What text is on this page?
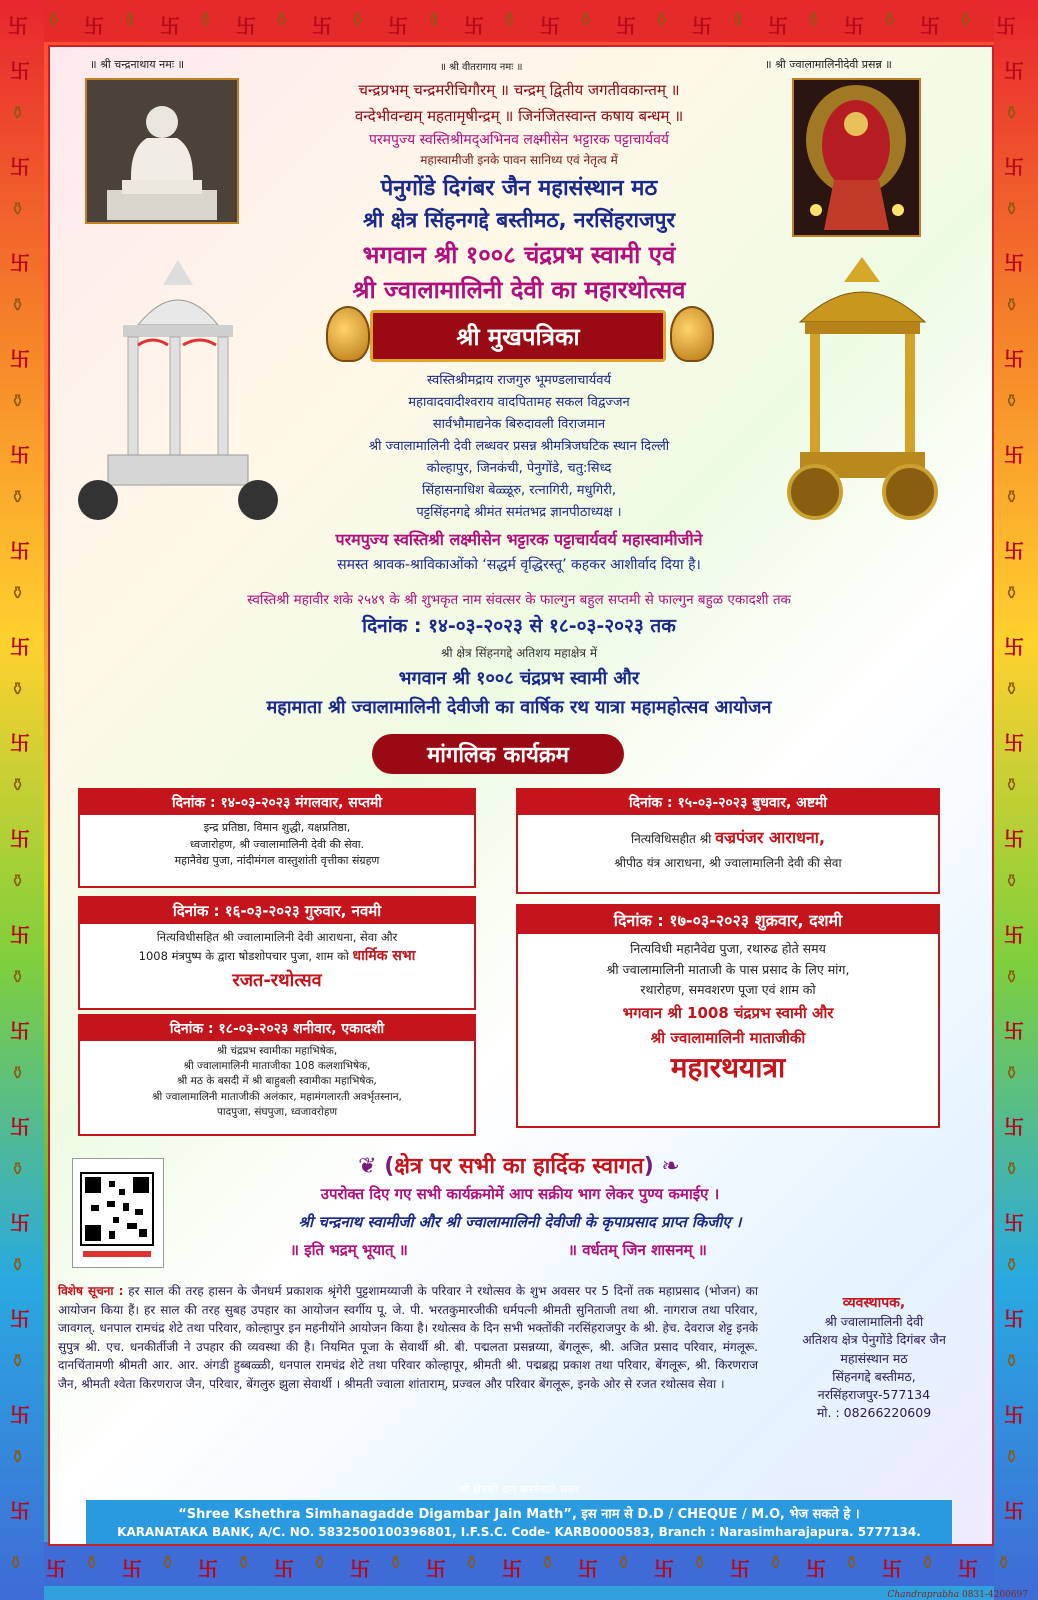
卐 ⚱ 卐 ⚱ 卐 ⚱ 卐 ⚱ 卐 ⚱ 卐 ⚱ 卐 ⚱ 卐 ⚱ 卐 ⚱ 卐 ⚱ 卐 ⚱ 卐 ⚱ 卐 ⚱ 卐
⚱ 卐 ⚱ 卐 ⚱ 卐 ⚱ 卐 ⚱ 卐 ⚱ 卐 ⚱ 卐 ⚱ 卐 ⚱ 卐 ⚱ 卐 ⚱ 卐 ⚱ 卐 ⚱ 卐 ⚱
卐	卐
⚱	⚱
卐	卐
⚱	⚱
卐	卐
⚱	⚱
卐	卐
⚱	⚱
卐	卐
⚱	⚱
卐	卐
⚱	⚱
卐	卐
⚱	⚱
卐	卐
⚱	⚱
卐	卐
⚱	⚱
卐	卐
⚱	⚱
卐	卐
⚱	⚱
卐	卐
⚱	⚱
卐	卐
⚱	⚱
卐	卐
⚱	⚱
卐	卐
⚱	⚱
卐	卐
॥ श्री चन्द्रनाथाय नमः ॥	॥ श्री वीतरागाय नमः ॥	॥ श्री ज्वालामालिनीदेवी प्रसन्न ॥
चन्द्रप्रभम् चन्द्रमरीचिगौरम् ॥ चन्द्रम् द्वितीय जगतीवकान्तम् ॥
वन्देभीवन्द्यम् महतामृषीन्द्रम् ॥ जिनंजितस्वान्त कषाय बन्धम् ॥
परमपुज्य स्वस्तिश्रीमद्अभिनव लक्ष्मीसेन भट्टारक पट्टाचार्यवर्य
महास्वामीजी इनके पावन सानिध्य एवं नेतृत्व में
पेनुगोंडे दिगंबर जैन महासंस्थान मठ
श्री क्षेत्र सिंहनगद्दे बस्तीमठ, नरसिंहराजपुर
भगवान श्री १००८ चंद्रप्रभ स्वामी एवं
श्री ज्वालामालिनी देवी का महारथोत्सव
श्री मुखपत्रिका
स्वस्तिश्रीमद्राय राजगुरु भूमण्डलाचार्यवर्य
महावादवादीश्वराय वादपितामह सकल विद्वज्जन
सार्वभौमाद्यनेक बिरुदावली विराजमान
श्री ज्वालामालिनी देवी लब्धवर प्रसन्न श्रीमत्रिजघटिक स्थान दिल्ली
कोल्हापुर, जिनकंची, पेनुगोंडे, चतु:सिध्द
सिंहासनाधिश बेळ्ळूरु, रत्नागिरी, मधुगिरी,
पट्टसिंहनगद्दे श्रीमंत समंतभद्र ज्ञानपीठाध्यक्ष ।
परमपुज्य स्वस्तिश्री लक्ष्मीसेन भट्टारक पट्टाचार्यवर्य महास्वामीजीने
समस्त श्रावक-श्राविकाओंको ‘सद्धर्म वृद्धिरस्तू’ कहकर आशीर्वाद दिया है।
स्वस्तिश्री महावीर शके २५४९ के श्री शुभकृत नाम संवत्सर के फाल्गुन बहुल सप्तमी से फाल्गुन बहुळ एकादशी तक
दिनांक : १४-०३-२०२३ से १८-०३-२०२३ तक
श्री क्षेत्र सिंहनगद्दे अतिशय महाक्षेत्र में
भगवान श्री १००८ चंद्रप्रभ स्वामी और
महामाता श्री ज्वालामालिनी देवीजी का वार्षिक रथ यात्रा महामहोत्सव आयोजन
मांगलिक कार्यक्रम
दिनांक : १४-०३-२०२३ मंगलवार, सप्तमी
इन्द्र प्रतिष्ठा, विमान शुद्धी, यक्षप्रतिष्ठा,
ध्वजारोहण, श्री ज्वालामालिनी देवी की सेवा.
महानैवेद्य पुजा, नांदीमंगल वास्तुशांती वृत्तीका संग्रहण
दिनांक : १५-०३-२०२३ बुधवार, अष्टमी
नित्यविधिसहीत श्री वज्रपंजर आराधना,
श्रीपीठ यंत्र आराधना, श्री ज्वालामालिनी देवी की सेवा
दिनांक : १६-०३-२०२३ गुरुवार, नवमी
नित्यविधीसहित श्री ज्वालामालिनी देवी आराधना, सेवा और
1008 मंत्रपुष्प के द्वारा षोडशोपचार पुजा, शाम को धार्मिक सभा
रजत-रथोत्सव
दिनांक : १७-०३-२०२३ शुक्रवार, दशमी
नित्यविधी महानैवेद्य पुजा, रथारुढ होते समय
श्री ज्वालामालिनी माताजी के पास प्रसाद के लिए मांग,
रथारोहण, समवशरण पूजा एवं शाम को
भगवान श्री 1008 चंद्रप्रभ स्वामी और
श्री ज्वालामालिनी माताजीकी
महारथयात्रा
दिनांक : १८-०३-२०२३ शनीवार, एकादशी
श्री चंद्रप्रभ स्वामीका महाभिषेक,
श्री ज्वालामालिनी माताजीका 108 कलशाभिषेक,
श्री मठ के बसदी में श्री बाहुबली स्वामीका महाभिषेक,
श्री ज्वालामालिनी माताजीकी अलंकार, महामंगलारती अवर्भृतस्नान,
पादपुजा, संघपुजा, ध्वजावरोहण
❦ (क्षेत्र पर सभी का हार्दिक स्वागत) ❧
उपरोक्त दिए गए सभी कार्यक्रमोमें आप सक्रीय भाग लेकर पुण्य कमाईए ।
श्री चन्द्रनाथ स्वामीजी और श्री ज्वालामालिनी देवीजी के कृपाप्रसाद प्राप्त किजीए ।
॥ इति भद्रम् भूयात् ॥	॥ वर्धतम् जिन शासनम् ॥
विशेष सूचना : हर साल की तरह हासन के जैनधर्म प्रकाशक श्रृंगेरी पुट्टशामय्याजी के परिवार ने रथोत्सव के शुभ अवसर पर 5 दिनों तक महाप्रसाद (भोजन) का आयोजन किया हैं। हर साल की तरह सुबह उपहार का आयोजन स्वर्गीय पू. जे. पी. भरतकुमारजीकी धर्मपत्नी श्रीमती सुनिताजी तथा श्री. नागराज तथा परिवार, जावगल्. धनपाल रामचंद्र शेटे तथा परिवार, कोल्हापुर इन महनीयोंने आयोजन किया है। रथोत्सव के दिन सभी भक्तोंकी नरसिंहराजपुर के श्री. हेच. देवराज शेट्ट इनके सुपुत्र श्री. एच. धनकीर्तीजी ने उपहार की व्यवस्था की है। नियमित पूजा के सेवार्थी श्री. बी. पद्मलता प्रसन्नय्या, बेंगलूरू, श्री. अजित प्रसाद परिवार, मंगलूरू. दानचिंतामणी श्रीमती आर. आर. अंगडी हुब्बळ्ळी, धनपाल रामचंद्र शेटे तथा परिवार कोल्हापूर, श्रीमती श्री. पद्मब्रह्म प्रकाश तथा परिवार, बेंगलूरू, श्री. किरणराज जैन, श्रीमती श्वेता किरणराज जैन, परिवार, बेंगलुरु झुला सेवार्थी । श्रीमती ज्वाला शांताराम्, प्रज्वल और परिवार बेंगलूरू, इनके ओर से रजत रथोत्सव सेवा ।
व्यवस्थापक,
श्री ज्वालामालिनी देवी
अतिशय क्षेत्र पेनुगोंडे दिगंबर जैन
महासंस्थान मठ
सिंहनगद्दे बस्तीमठ,
नरसिंहराजपुर-577134
मो. : 08266220609
श्री क्षेत्रको दान करनेवाले भक्त
“Shree Kshethra Simhanagadde Digambar Jain Math”, इस नाम से D.D / CHEQUE / M.O, भेज सकते हे ।
KARANATAKA BANK, A/C. NO. 5832500100396801, I.F.S.C. Code- KARB0000583, Branch : Narasimharajapura. 5777134.
Chandraprabha 0831-4200697
